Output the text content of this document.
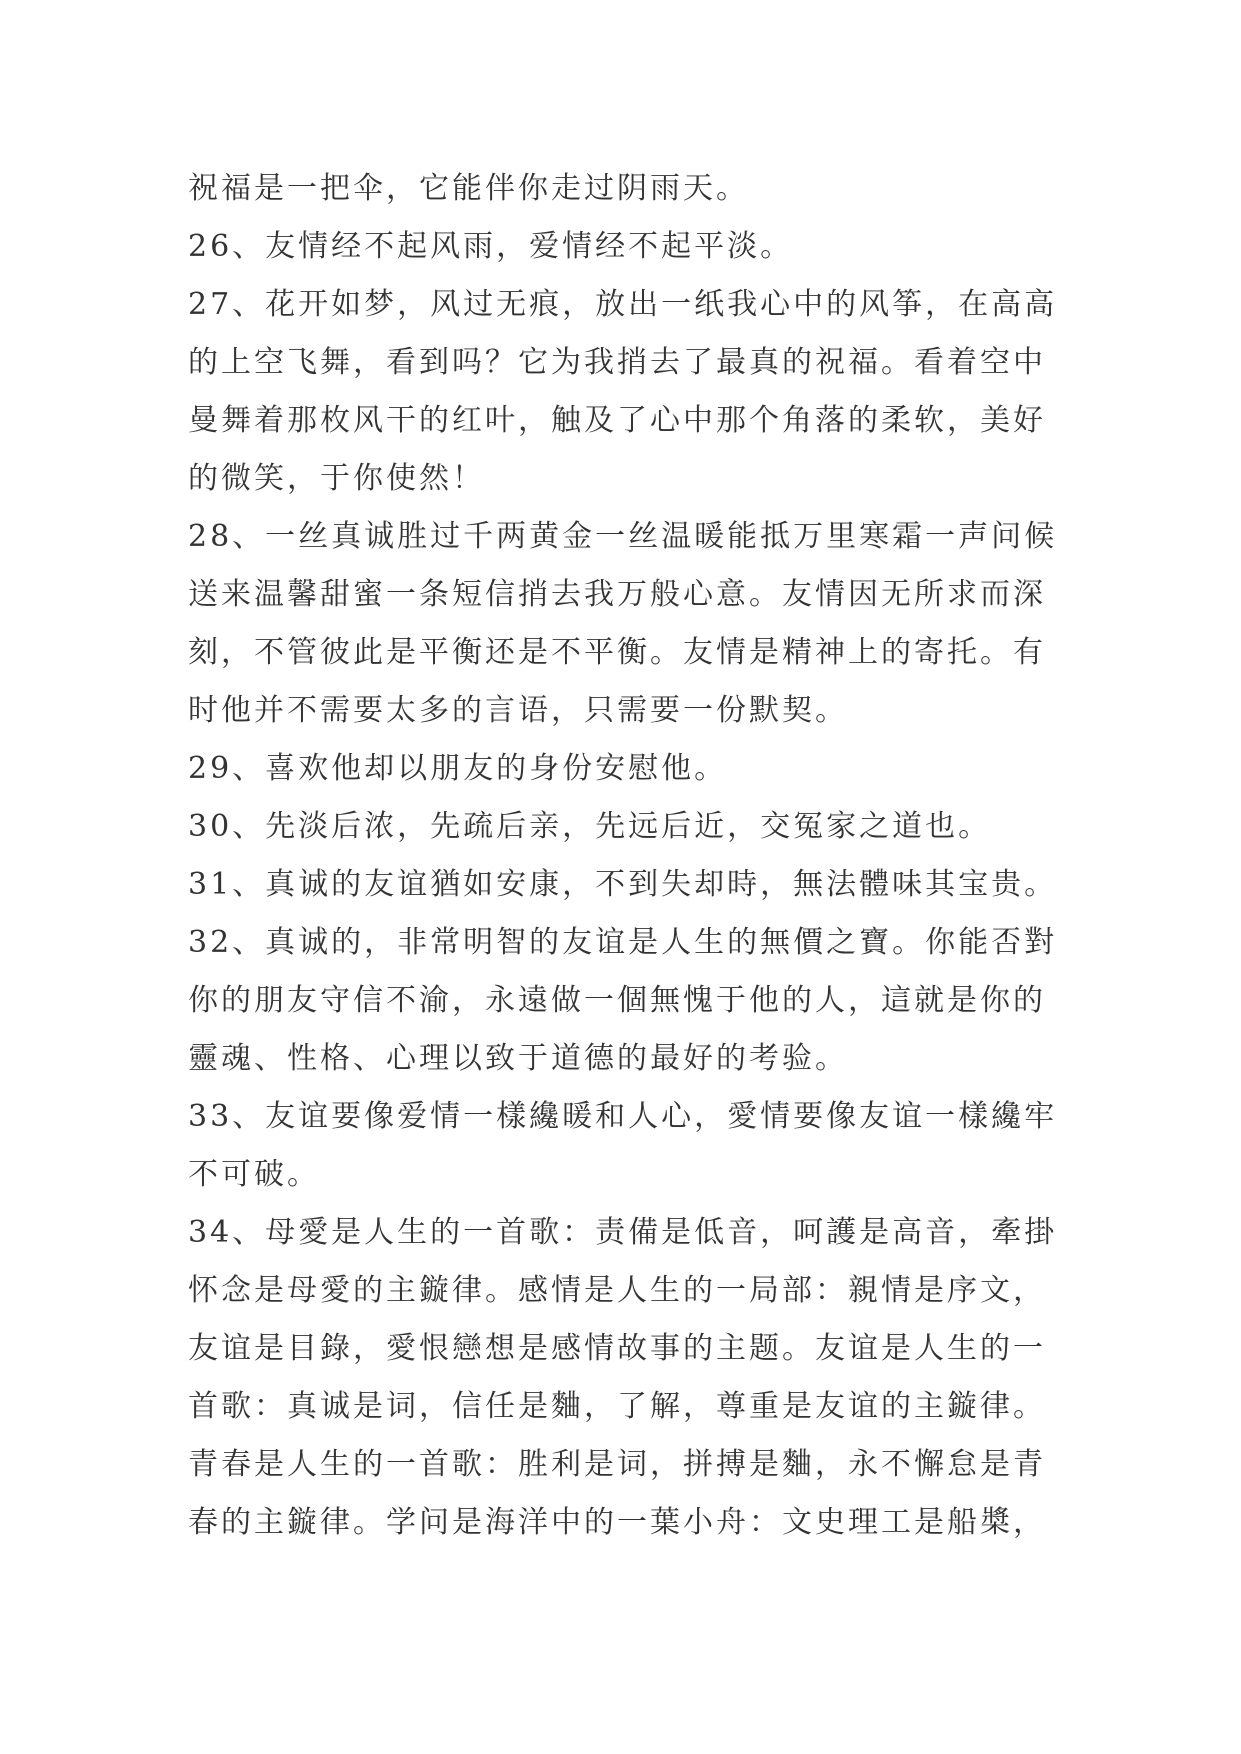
祝福是一把伞，它能伴你走过阴雨天。
26、友情经不起风雨，爱情经不起平淡。
27、花开如梦，风过无痕，放出一纸我心中的风筝，在高高
的上空飞舞，看到吗？它为我捎去了最真的祝福。看着空中
曼舞着那枚风干的红叶，触及了心中那个角落的柔软，美好
的微笑，于你使然！
28、一丝真诚胜过千两黄金一丝温暖能抵万里寒霜一声问候
送来温馨甜蜜一条短信捎去我万般心意。友情因无所求而深
刻，不管彼此是平衡还是不平衡。友情是精神上的寄托。有
时他并不需要太多的言语，只需要一份默契。
29、喜欢他却以朋友的身份安慰他。
30、先淡后浓，先疏后亲，先远后近，交冤家之道也。
31、真诚的友谊猶如安康，不到失却時，無法體味其宝贵。
32、真诚的，非常明智的友谊是人生的無價之寶。你能否對
你的朋友守信不渝，永遠做一個無愧于他的人，這就是你的
靈魂、性格、心理以致于道德的最好的考验。
33、友谊要像爱情一樣纔暖和人心，愛情要像友谊一樣纔牢
不可破。
34、母愛是人生的一首歌：责備是低音，呵護是高音，牽掛
怀念是母愛的主鏇律。感情是人生的一局部：親情是序文，
友谊是目錄，愛恨戀想是感情故事的主题。友谊是人生的一
首歌：真诚是词，信任是麯，了解，尊重是友谊的主鏇律。
青春是人生的一首歌：胜利是词，拼搏是麯，永不懈怠是青
春的主鏇律。学问是海洋中的一葉小舟：文史理工是船槳，
